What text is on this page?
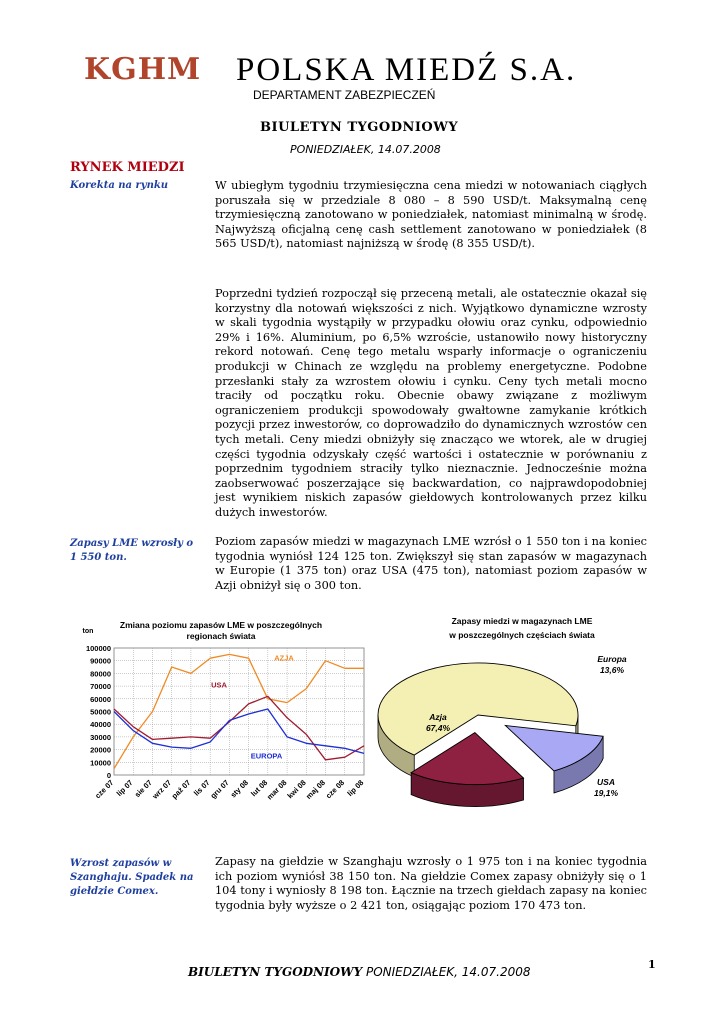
KGHM POLSKA MIEDŹ S.A.
DEPARTAMENT ZABEZPIECZEŃ
BIULETYN TYGODNIOWY
PONIEDZIAŁEK, 14.07.2008
RYNEK MIEDZI
Korekta na rynku	W ubiegłym tygodniu trzymiesięczna cena miedzi w notowaniach ciągłych poruszała się w przedziale 8 080 – 8 590 USD/t. Maksymalną cenę trzymiesięczną zanotowano w poniedziałek, natomiast minimalną w środę. Najwyższą oficjalną cenę cash settlement zanotowano w poniedziałek (8 565 USD/t), natomiast najniższą w środę (8 355 USD/t).

Poprzedni tydzień rozpoczął się przeceną metali, ale ostatecznie okazał się korzystny dla notowań większości z nich. Wyjątkowo dynamiczne wzrosty w skali tygodnia wystąpiły w przypadku ołowiu oraz cynku, odpowiednio 29% i 16%. Aluminium, po 6,5% wzroście, ustanowiło nowy historyczny rekord notowań. Cenę tego metalu wsparły informacje o ograniczeniu produkcji w Chinach ze względu na problemy energetyczne. Podobne przesłanki stały za wzrostem ołowiu i cynku. Ceny tych metali mocno traciły od początku roku. Obecnie obawy związane z możliwym ograniczeniem produkcji spowodowały gwałtowne zamykanie krótkich pozycji przez inwestorów, co doprowadziło do dynamicznych wzrostów cen tych metali. Ceny miedzi obniżyły się znacząco we wtorek, ale w drugiej części tygodnia odzyskały część wartości i ostatecznie w porównaniu z poprzednim tygodniem straciły tylko nieznacznie. Jednocześnie można zaobserwować poszerzające się backwardation, co najprawdopodobniej jest wynikiem niskich zapasów giełdowych kontrolowanych przez kilku dużych inwestorów.

Zapasy LME wzrosły o 1 550 ton.

Poziom zapasów miedzi w magazynach LME wzrósł o 1 550 ton i na koniec tygodnia wyniósł 124 125 ton. Zwiększył się stan zapasów w magazynach w Europie (1 375 ton) oraz USA (475 ton), natomiast poziom zapasów w Azji obniżył się o 300 ton.

Zmiana poziomu zapasów LME w poszczególnych regionach świata
ton
100000
90000
80000
70000
60000
50000
40000
30000
20000
10000
0
cze 07 lip 07
sie 07
wrz 07
paź 07 lis 07
gru 07
sty 08 lut 08
mar 08
kwi 08
maj 08
cze 08 lip 08
AZJA
USA
EUROPA
Zapasy miedzi w magazynach LME w poszczególnych częściach świata
Azja 67,4%
Europa 13,6%
USA 19,1%
Wzrost zapasów w Szanghaju. Spadek na giełdzie Comex.

Zapasy na giełdzie w Szanghaju wzrosły o 1 975 ton i na koniec tygodnia ich poziom wyniósł 38 150 ton. Na giełdzie Comex zapasy obniżyły się o 1 104 tony i wyniosły 8 198 ton. Łącznie na trzech giełdach zapasy na koniec tygodnia były wyższe o 2 421 ton, osiągając poziom 170 473 ton.

1
BIULETYN TYGODNIOWY PONIEDZIAŁEK, 14.07.2008
